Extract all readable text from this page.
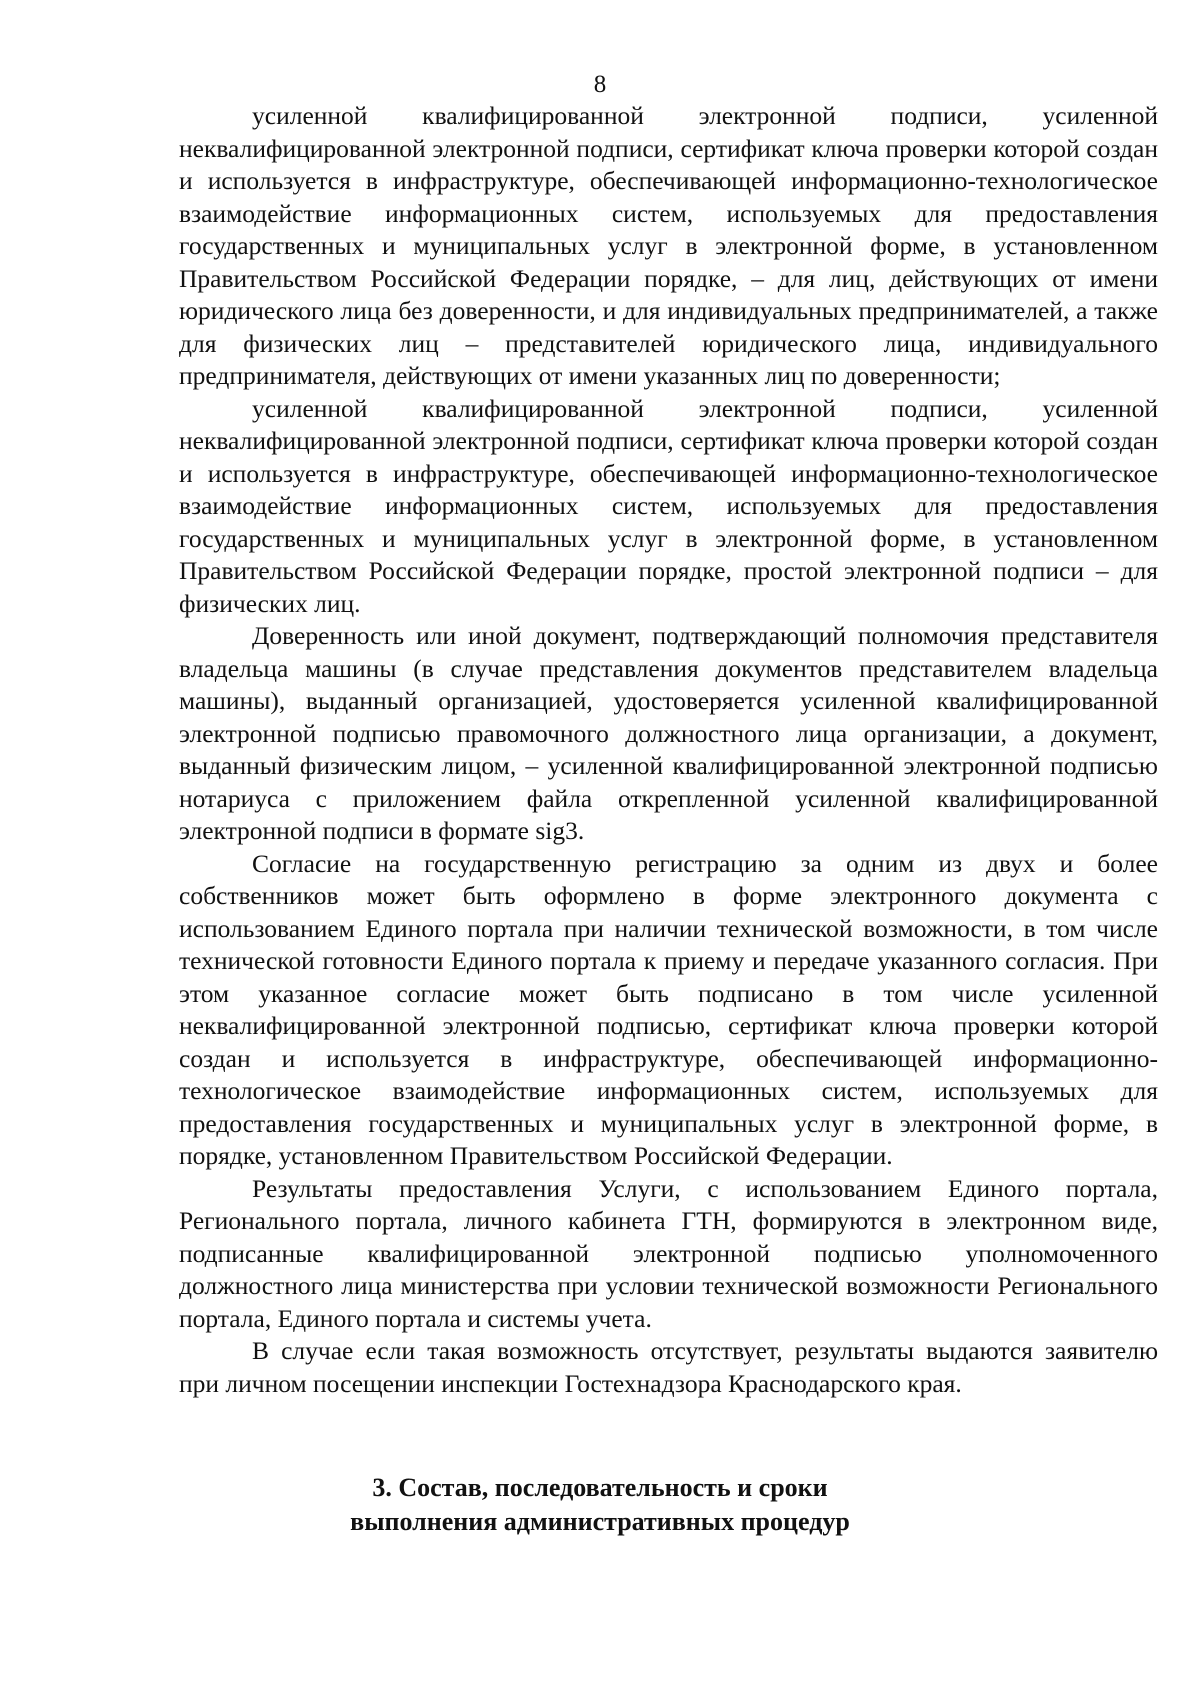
8

усиленной квалифицированной электронной подписи, усиленной неквалифицированной электронной подписи, сертификат ключа проверки которой создан и используется в инфраструктуре, обеспечивающей информационно-технологическое взаимодействие информационных систем, используемых для предоставления государственных и муниципальных услуг в электронной форме, в установленном Правительством Российской Федерации порядке, – для лиц, действующих от имени юридического лица без доверенности, и для индивидуальных предпринимателей, а также для физических лиц – представителей юридического лица, индивидуального предпринимателя, действующих от имени указанных лиц по доверенности;

усиленной квалифицированной электронной подписи, усиленной неквалифицированной электронной подписи, сертификат ключа проверки которой создан и используется в инфраструктуре, обеспечивающей информационно-технологическое взаимодействие информационных систем, используемых для предоставления государственных и муниципальных услуг в электронной форме, в установленном Правительством Российской Федерации порядке, простой электронной подписи – для физических лиц.

Доверенность или иной документ, подтверждающий полномочия представителя владельца машины (в случае представления документов представителем владельца машины), выданный организацией, удостоверяется усиленной квалифицированной электронной подписью правомочного должностного лица организации, а документ, выданный физическим лицом, – усиленной квалифицированной электронной подписью нотариуса с приложением файла открепленной усиленной квалифицированной электронной подписи в формате sig3.

Согласие на государственную регистрацию за одним из двух и более собственников может быть оформлено в форме электронного документа с использованием Единого портала при наличии технической возможности, в том числе технической готовности Единого портала к приему и передаче указанного согласия. При этом указанное согласие может быть подписано в том числе усиленной неквалифицированной электронной подписью, сертификат ключа проверки которой создан и используется в инфраструктуре, обеспечивающей информационно-технологическое взаимодействие информационных систем, используемых для предоставления государственных и муниципальных услуг в электронной форме, в порядке, установленном Правительством Российской Федерации.

Результаты предоставления Услуги, с использованием Единого портала, Регионального портала, личного кабинета ГТН, формируются в электронном виде, подписанные квалифицированной электронной подписью уполномоченного должностного лица министерства при условии технической возможности Регионального портала, Единого портала и системы учета.

В случае если такая возможность отсутствует, результаты выдаются заявителю при личном посещении инспекции Гостехнадзора Краснодарского края.

3. Состав, последовательность и сроки
выполнения административных процедур
